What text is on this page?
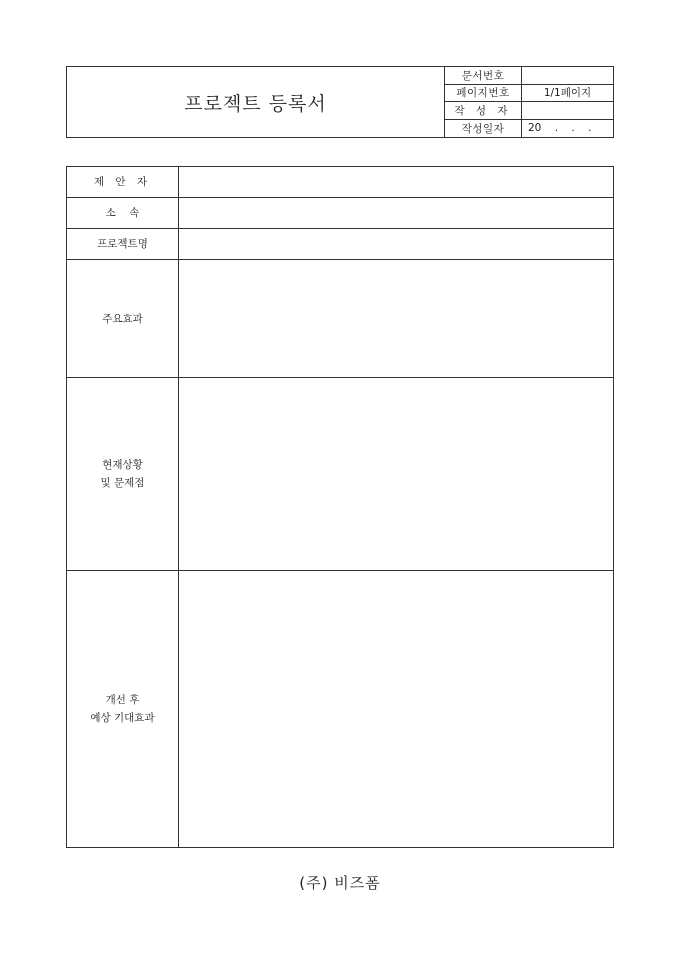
프로젝트 등록서
문서번호
페이지번호	1/1페이지
작 성 자
작성일자	20    .    .    .
제 안 자
소    속
프로젝트명
주요효과
현재상황
및 문제점
개선 후
예상 기대효과
(주) 비즈폼
